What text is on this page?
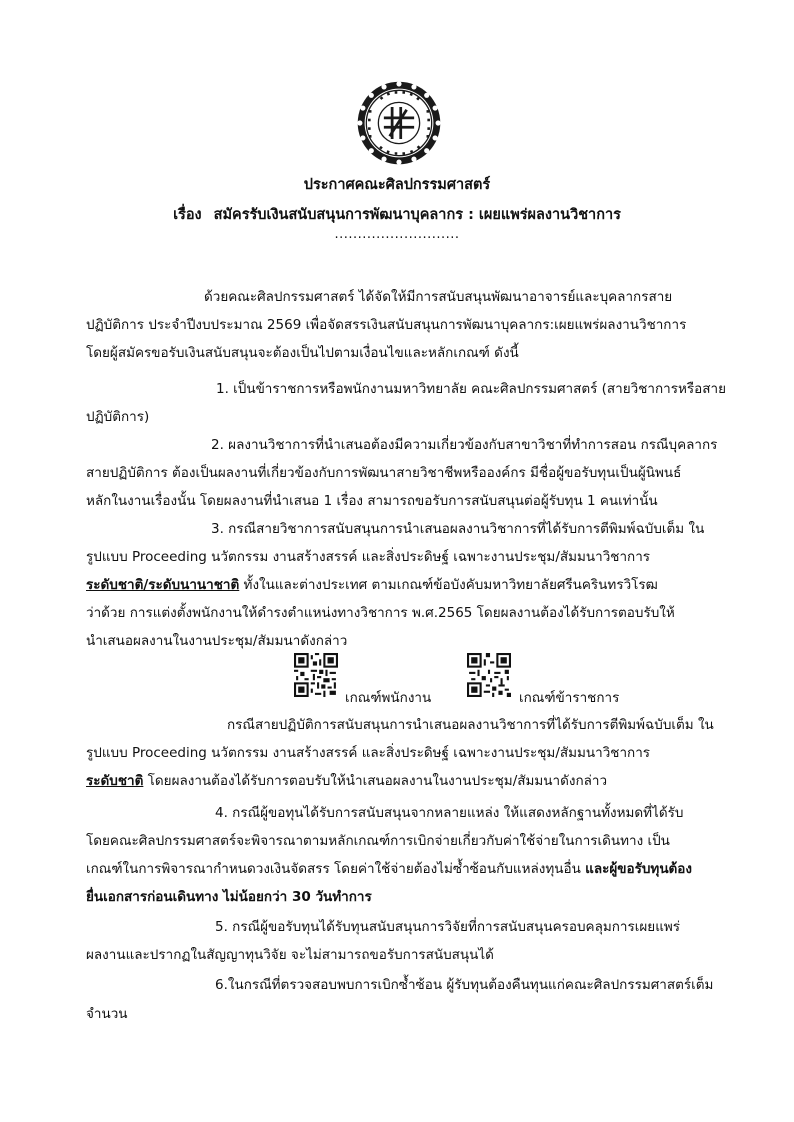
ประกาศคณะศิลปกรรมศาสตร์
เรื่อง สมัครรับเงินสนับสนุนการพัฒนาบุคลากร : เผยแพร่ผลงานวิชาการ
...........................
ด้วยคณะศิลปกรรมศาสตร์ ได้จัดให้มีการสนับสนุนพัฒนาอาจารย์และบุคลากรสาย
ปฏิบัติการ ประจำปีงบประมาณ 2569 เพื่อจัดสรรเงินสนับสนุนการพัฒนาบุคลากร:เผยแพร่ผลงานวิชาการ
โดยผู้สมัครขอรับเงินสนับสนุนจะต้องเป็นไปตามเงื่อนไขและหลักเกณฑ์ ดังนี้
1. เป็นข้าราชการหรือพนักงานมหาวิทยาลัย คณะศิลปกรรมศาสตร์ (สายวิชาการหรือสาย
ปฏิบัติการ)
2. ผลงานวิชาการที่นำเสนอต้องมีความเกี่ยวข้องกับสาขาวิชาที่ทำการสอน กรณีบุคลากร
สายปฏิบัติการ ต้องเป็นผลงานที่เกี่ยวข้องกับการพัฒนาสายวิชาชีพหรือองค์กร มีชื่อผู้ขอรับทุนเป็นผู้นิพนธ์
หลักในงานเรื่องนั้น โดยผลงานที่นำเสนอ 1 เรื่อง สามารถขอรับการสนับสนุนต่อผู้รับทุน 1 คนเท่านั้น
3. กรณีสายวิชาการสนับสนุนการนำเสนอผลงานวิชาการที่ได้รับการตีพิมพ์ฉบับเต็ม ใน
รูปแบบ Proceeding นวัตกรรม งานสร้างสรรค์ และสิ่งประดิษฐ์ เฉพาะงานประชุม/สัมมนาวิชาการ
ระดับชาติ/ระดับนานาชาติ ทั้งในและต่างประเทศ ตามเกณฑ์ข้อบังคับมหาวิทยาลัยศรีนครินทรวิโรฒ
ว่าด้วย การแต่งตั้งพนักงานให้ดำรงตำแหน่งทางวิชาการ พ.ศ.2565 โดยผลงานต้องได้รับการตอบรับให้
นำเสนอผลงานในงานประชุม/สัมมนาดังกล่าว
เกณฑ์พนักงาน	เกณฑ์ข้าราชการ
กรณีสายปฏิบัติการสนับสนุนการนำเสนอผลงานวิชาการที่ได้รับการตีพิมพ์ฉบับเต็ม ใน
รูปแบบ Proceeding นวัตกรรม งานสร้างสรรค์ และสิ่งประดิษฐ์ เฉพาะงานประชุม/สัมมนาวิชาการ
ระดับชาติ โดยผลงานต้องได้รับการตอบรับให้นำเสนอผลงานในงานประชุม/สัมมนาดังกล่าว
4. กรณีผู้ขอทุนได้รับการสนับสนุนจากหลายแหล่ง ให้แสดงหลักฐานทั้งหมดที่ได้รับ
โดยคณะศิลปกรรมศาสตร์จะพิจารณาตามหลักเกณฑ์การเบิกจ่ายเกี่ยวกับค่าใช้จ่ายในการเดินทาง เป็น
เกณฑ์ในการพิจารณากำหนดวงเงินจัดสรร โดยค่าใช้จ่ายต้องไม่ซ้ำซ้อนกับแหล่งทุนอื่น และผู้ขอรับทุนต้อง
ยื่นเอกสารก่อนเดินทาง ไม่น้อยกว่า 30 วันทำการ
5. กรณีผู้ขอรับทุนได้รับทุนสนับสนุนการวิจัยที่การสนับสนุนครอบคลุมการเผยแพร่
ผลงานและปรากฏในสัญญาทุนวิจัย จะไม่สามารถขอรับการสนับสนุนได้
6.ในกรณีที่ตรวจสอบพบการเบิกซ้ำซ้อน ผู้รับทุนต้องคืนทุนแก่คณะศิลปกรรมศาสตร์เต็ม
จำนวน
